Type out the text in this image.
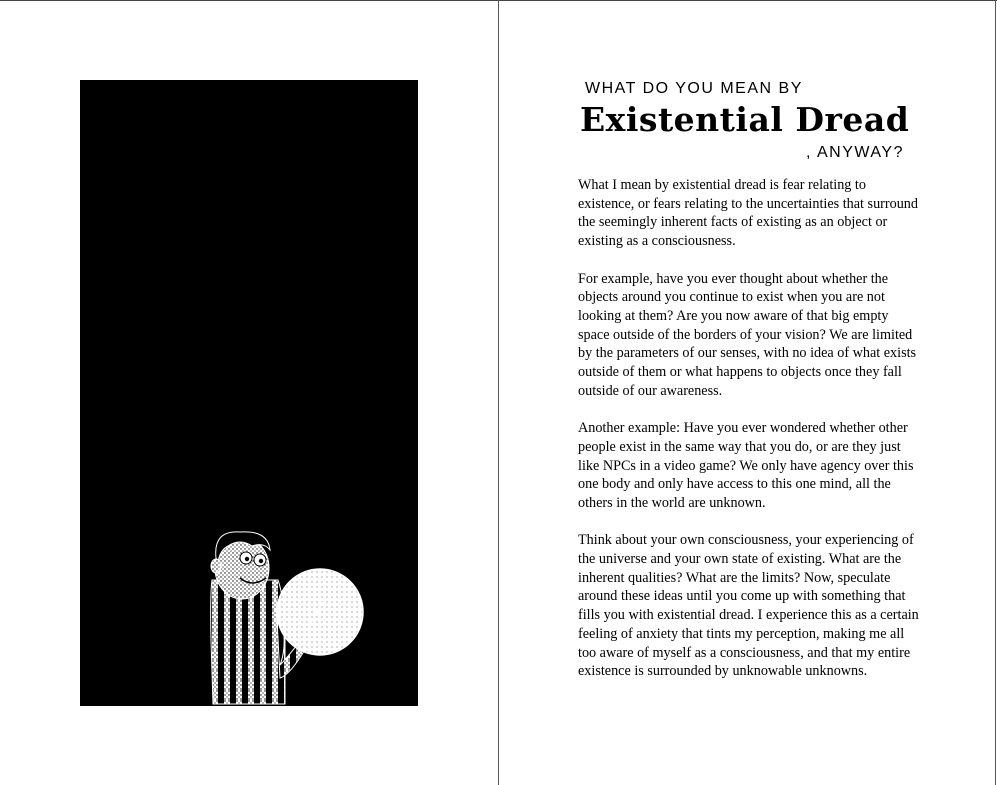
WHAT DO YOU MEAN BY
Existential Dread
, ANYWAY?

What I mean by existential dread is fear relating to existence, or fears relating to the uncertainties that surround the seemingly inherent facts of existing as an object or existing as a consciousness.

For example, have you ever thought about whether the objects around you continue to exist when you are not looking at them? Are you now aware of that big empty space outside of the borders of your vision? We are limited by the parameters of our senses, with no idea of what exists outside of them or what happens to objects once they fall outside of our awareness.

Another example: Have you ever wondered whether other people exist in the same way that you do, or are they just like NPCs in a video game? We only have agency over this one body and only have access to this one mind, all the others in the world are unknown.

Think about your own consciousness, your experiencing of the universe and your own state of existing. What are the inherent qualities? What are the limits? Now, speculate around these ideas until you come up with something that fills you with existential dread. I experience this as a certain feeling of anxiety that tints my perception, making me all too aware of myself as a consciousness, and that my entire existence is surrounded by unknowable unknowns.
